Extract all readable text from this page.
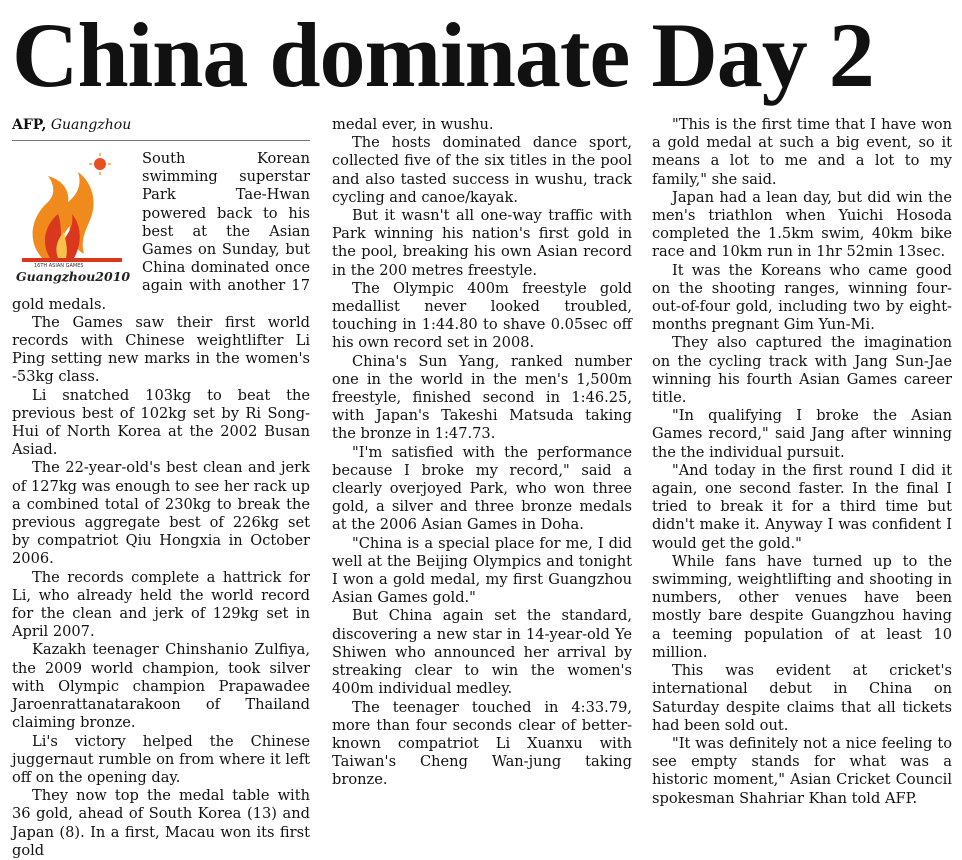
China dominate Day 2
AFP, Guangzhou
16TH ASIAN GAMES
Guangzhou2010

South Korean swimming superstar Park Tae-Hwan powered back to his best at the Asian Games on Sunday, but China dominated once again with another 17 gold medals.

The Games saw their first world records with Chinese weightlifter Li Ping setting new marks in the women's -53kg class.

Li snatched 103kg to beat the previous best of 102kg set by Ri Song-Hui of North Korea at the 2002 Busan Asiad.

The 22-year-old's best clean and jerk of 127kg was enough to see her rack up a combined total of 230kg to break the previous aggregate best of 226kg set by compatriot Qiu Hongxia in October 2006.

The records complete a hattrick for Li, who already held the world record for the clean and jerk of 129kg set in April 2007.

Kazakh teenager Chinshanio Zulfiya, the 2009 world champion, took silver with Olympic champion Prapawadee Jaroenrattanatarakoon of Thailand claiming bronze.

Li's victory helped the Chinese juggernaut rumble on from where it left off on the opening day.

They now top the medal table with 36 gold, ahead of South Korea (13) and Japan (8). In a first, Macau won its first gold

medal ever, in wushu.

The hosts dominated dance sport, collected five of the six titles in the pool and also tasted success in wushu, track cycling and canoe/kayak.

But it wasn't all one-way traffic with Park winning his nation's first gold in the pool, breaking his own Asian record in the 200 metres freestyle.

The Olympic 400m freestyle gold medallist never looked troubled, touching in 1:44.80 to shave 0.05sec off his own record set in 2008.

China's Sun Yang, ranked number one in the world in the men's 1,500m freestyle, finished second in 1:46.25, with Japan's Takeshi Matsuda taking the bronze in 1:47.73.

"I'm satisfied with the performance because I broke my record," said a clearly overjoyed Park, who won three gold, a silver and three bronze medals at the 2006 Asian Games in Doha.

"China is a special place for me, I did well at the Beijing Olympics and tonight I won a gold medal, my first Guangzhou Asian Games gold."

But China again set the standard, discovering a new star in 14-year-old Ye Shiwen who announced her arrival by streaking clear to win the women's 400m individual medley.

The teenager touched in 4:33.79, more than four seconds clear of better-known compatriot Li Xuanxu with Taiwan's Cheng Wan-jung taking bronze.

"This is the first time that I have won a gold medal at such a big event, so it means a lot to me and a lot to my family," she said.

Japan had a lean day, but did win the men's triathlon when Yuichi Hosoda completed the 1.5km swim, 40km bike race and 10km run in 1hr 52min 13sec.

It was the Koreans who came good on the shooting ranges, winning four-out-of-four gold, including two by eight-months pregnant Gim Yun-Mi.

They also captured the imagination on the cycling track with Jang Sun-Jae winning his fourth Asian Games career title.

"In qualifying I broke the Asian Games record," said Jang after winning the the individual pursuit.

"And today in the first round I did it again, one second faster. In the final I tried to break it for a third time but didn't make it. Anyway I was confident I would get the gold."

While fans have turned up to the swimming, weightlifting and shooting in numbers, other venues have been mostly bare despite Guangzhou having a teeming population of at least 10 million.

This was evident at cricket's international debut in China on Saturday despite claims that all tickets had been sold out.

"It was definitely not a nice feeling to see empty stands for what was a historic moment," Asian Cricket Council spokesman Shahriar Khan told AFP.
